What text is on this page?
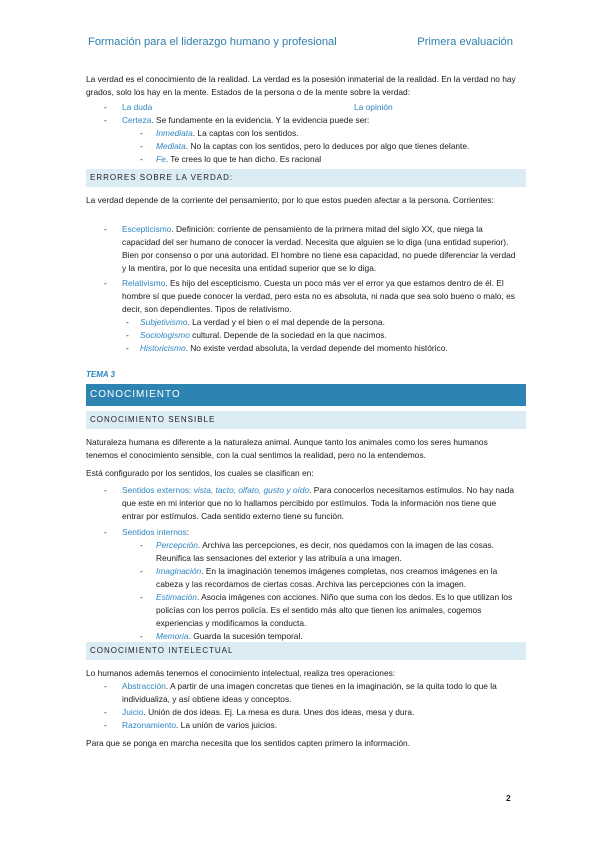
Formación para el liderazgo humano y profesional	Primera evaluación

La verdad es el conocimiento de la realidad. La verdad es la posesión inmaterial de la realidad. En la verdad no hay grados, solo los hay en la mente. Estados de la persona o de la mente sobre la verdad:

- La duda	La opinión
- Certeza. Se fundamente en la evidencia. Y la evidencia puede ser:

- Inmediata. La captas con los sentidos.

- Mediata. No la captas con los sentidos, pero lo deduces por algo que tienes delante.

- Fe. Te crees lo que te han dicho. Es racional

ERRORES SOBRE LA VERDAD:

La verdad depende de la corriente del pensamiento, por lo que estos pueden afectar a la persona. Corrientes:

- Escepticismo. Definición: corriente de pensamiento de la primera mitad del siglo XX, que niega la capacidad del ser humano de conocer la verdad. Necesita que alguien se lo diga (una entidad superior). Bien por consenso o por una autoridad. El hombre no tiene esa capacidad, no puede diferenciar la verdad y la mentira, por lo que necesita una entidad superior que se lo diga.

- Relativismo. Es hijo del escepticismo. Cuesta un poco más ver el error ya que estamos dentro de él. El hombre sí que puede conocer la verdad, pero esta no es absoluta, ni nada que sea solo bueno o malo, es decir, son dependientes. Tipos de relativismo.

- Subjetivismo. La verdad y el bien o el mal depende de la persona.

- Sociologismo cultural. Depende de la sociedad en la que nacimos.

- Historicismo. No existe verdad absoluta, la verdad depende del momento histórico.

TEMA 3
CONOCIMIENTO
CONOCIMIENTO SENSIBLE

Naturaleza humana es diferente a la naturaleza animal. Aunque tanto los animales como los seres humanos tenemos el conocimiento sensible, con la cual sentimos la realidad, pero no la entendemos.

Está configurado por los sentidos, los cuales se clasifican en:

- Sentidos externos: vista, tacto, olfato, gusto y oído. Para conocerlos necesitamos estímulos. No hay nada que este en mi interior que no lo hallamos percibido por estímulos. Toda la información nos tiene que entrar por estímulos. Cada sentido externo tiene su función.

- Sentidos internos:

- Percepción. Archiva las percepciones, es decir, nos quedamos con la imagen de las cosas. Reunifica las sensaciones del exterior y las atribuía a una imagen.

- Imaginación. En la imaginación tenemos imágenes completas, nos creamos imágenes en la cabeza y las recordamos de ciertas cosas. Archiva las percepciones con la imagen.

- Estimación. Asocia imágenes con acciones. Niño que suma con los dedos. Es lo que utilizan los policías con los perros policía. Es el sentido más alto que tienen los animales, cogemos experiencias y modificamos la conducta.

- Memoria. Guarda la sucesión temporal.

CONOCIMIENTO INTELECTUAL

Lo humanos además tenemos el conocimiento intelectual, realiza tres operaciones:

- Abstracción. A partir de una imagen concretas que tienes en la imaginación, se la quita todo lo que la individualiza, y así obtiene ideas y conceptos.

- Juicio. Unión de dos ideas. Ej. La mesa es dura. Unes dos ideas, mesa y dura.

- Razonamiento. La unión de varios juicios.

Para que se ponga en marcha necesita que los sentidos capten primero la información.

2
